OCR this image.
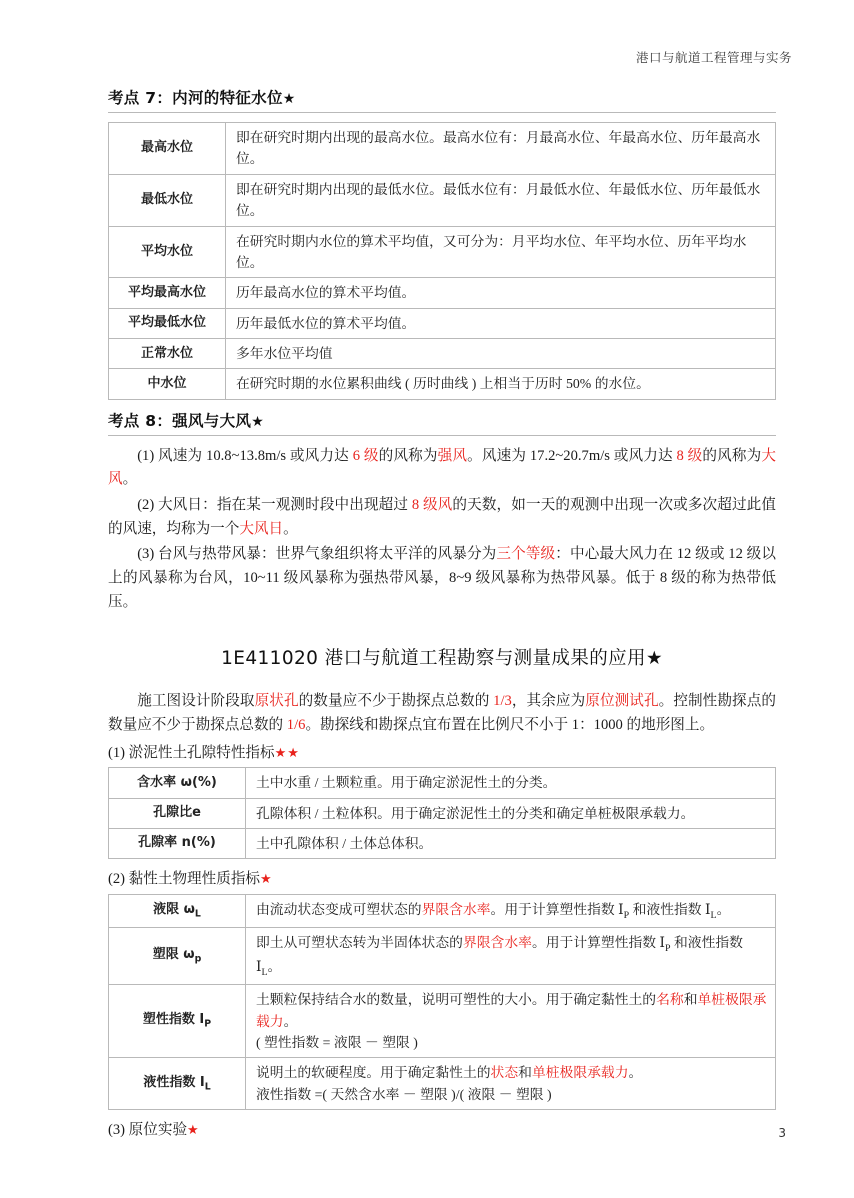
港口与航道工程管理与实务
考点 7：内河的特征水位★
最高水位	即在研究时期内出现的最高水位。最高水位有：月最高水位、年最高水位、历年最高水位。
最低水位	即在研究时期内出现的最低水位。最低水位有：月最低水位、年最低水位、历年最低水位。
平均水位	在研究时期内水位的算术平均值，又可分为：月平均水位、年平均水位、历年平均水位。
平均最高水位	历年最高水位的算术平均值。
平均最低水位	历年最低水位的算术平均值。
正常水位	多年水位平均值
中水位	在研究时期的水位累积曲线 ( 历时曲线 ) 上相当于历时 50% 的水位。
考点 8：强风与大风★

(1) 风速为 10.8~13.8m/s 或风力达 6 级的风称为强风。风速为 17.2~20.7m/s 或风力达 8 级的风称为大风。

(2) 大风日：指在某一观测时段中出现超过 8 级风的天数，如一天的观测中出现一次或多次超过此值的风速，均称为一个大风日。

(3) 台风与热带风暴：世界气象组织将太平洋的风暴分为三个等级：中心最大风力在 12 级或 12 级以上的风暴称为台风，10~11 级风暴称为强热带风暴，8~9 级风暴称为热带风暴。低于 8 级的称为热带低压。

1E411020 港口与航道工程勘察与测量成果的应用★

施工图设计阶段取原状孔的数量应不少于勘探点总数的 1/3，其余应为原位测试孔。控制性勘探点的数量应不少于勘探点总数的 1/6。勘探线和勘探点宜布置在比例尺不小于 1：1000 的地形图上。

(1) 淤泥性土孔隙特性指标★★
含水率 ω(%)	土中水重 / 土颗粒重。用于确定淤泥性土的分类。
孔隙比e	孔隙体积 / 土粒体积。用于确定淤泥性土的分类和确定单桩极限承载力。
孔隙率 n(%)	土中孔隙体积 / 土体总体积。
(2) 黏性土物理性质指标★
液限 $\omega_L$	由流动状态变成可塑状态的界限含水率。用于计算塑性指数 $Ⅰ_P$ 和液性指数 $Ⅰ_L$。
塑限 $\omega_p$	即土从可塑状态转为半固体状态的界限含水率。用于计算塑性指数 $Ⅰ_P$ 和液性指数 $Ⅰ_L$。
塑性指数 $Ⅰ_P$	土颗粒保持结合水的数量，说明可塑性的大小。用于确定黏性土的名称和单桩极限承载力。
( 塑性指数 = 液限 － 塑限 )

液性指数 $Ⅰ_L$	说明土的软硬程度。用于确定黏性土的状态和单桩极限承载力。
液性指数 =( 天然含水率 － 塑限 )/( 液限 － 塑限 )
(3) 原位实验★	3
